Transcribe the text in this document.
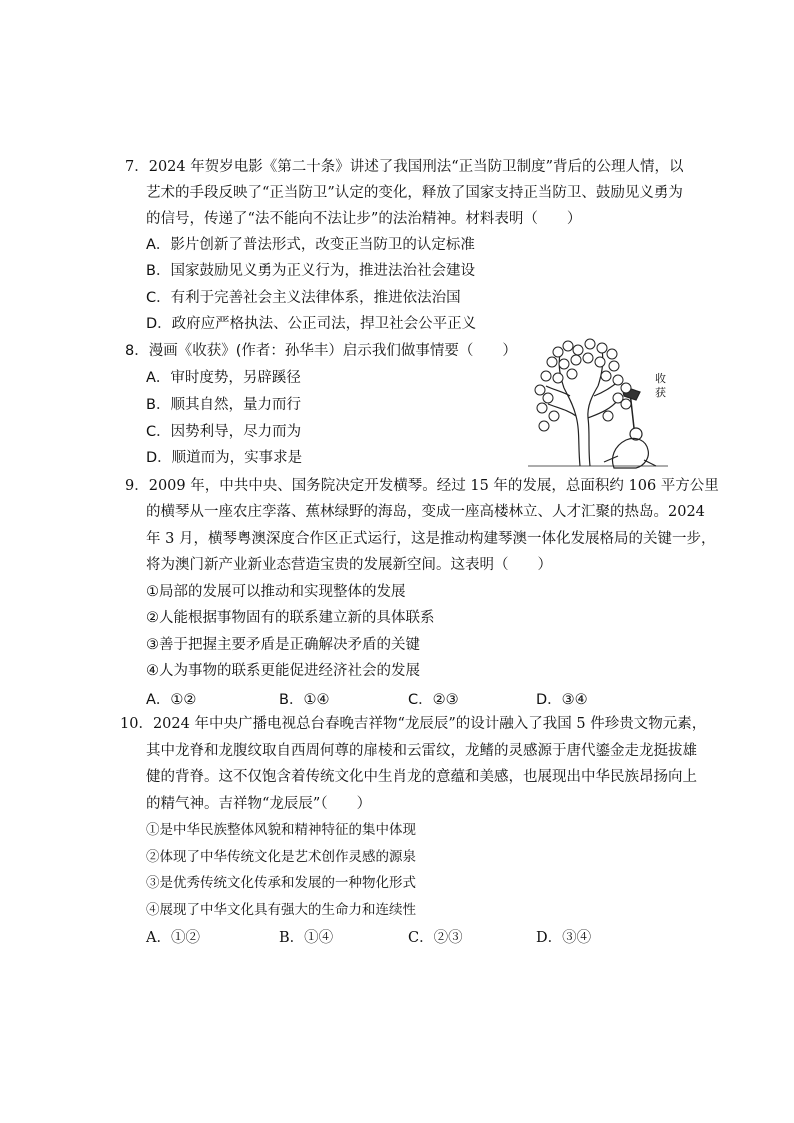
7．2024 年贺岁电影《第二十条》讲述了我国刑法“正当防卫制度”背后的公理人情，以
艺术的手段反映了“正当防卫”认定的变化，释放了国家支持正当防卫、鼓励见义勇为
的信号，传递了“法不能向不法让步”的法治精神。材料表明（　　）
A．影片创新了普法形式，改变正当防卫的认定标准
B．国家鼓励见义勇为正义行为，推进法治社会建设
C．有利于完善社会主义法律体系，推进依法治国
D．政府应严格执法、公正司法，捍卫社会公平正义
8．漫画《收获》(作者：孙华丰）启示我们做事情要（　　）
A．审时度势，另辟蹊径
B．顺其自然，量力而行
C．因势利导，尽力而为
D．顺道而为，实事求是
收
获
9．2009 年，中共中央、国务院决定开发横琴。经过 15 年的发展，总面积约 106 平方公里
的横琴从一座农庄孪落、蕉林绿野的海岛，变成一座高楼林立、人才汇聚的热岛。2024
年 3 月，横琴粤澳深度合作区正式运行，这是推动构建琴澳一体化发展格局的关键一步，
将为澳门新产业新业态营造宝贵的发展新空间。这表明（　　）
①局部的发展可以推动和实现整体的发展
②人能根据事物固有的联系建立新的具体联系
③善于把握主要矛盾是正确解决矛盾的关键
④人为事物的联系更能促进经济社会的发展
A．①②	B．①④	C．②③	D．③④
10．2024 年中央广播电视总台春晚吉祥物“龙辰辰”的设计融入了我国 5 件珍贵文物元素，
其中龙脊和龙腹纹取自西周何尊的扉棱和云雷纹，龙鳍的灵感源于唐代鎏金走龙挺拔雄
健的背脊。这不仅饱含着传统文化中生肖龙的意蕴和美感，也展现出中华民族昂扬向上
的精气神。吉祥物“龙辰辰”（　　）
①是中华民族整体风貌和精神特征的集中体现
②体现了中华传统文化是艺术创作灵感的源泉
③是优秀传统文化传承和发展的一种物化形式
④展现了中华文化具有强大的生命力和连续性
A．①②	B．①④	C．②③	D．③④
